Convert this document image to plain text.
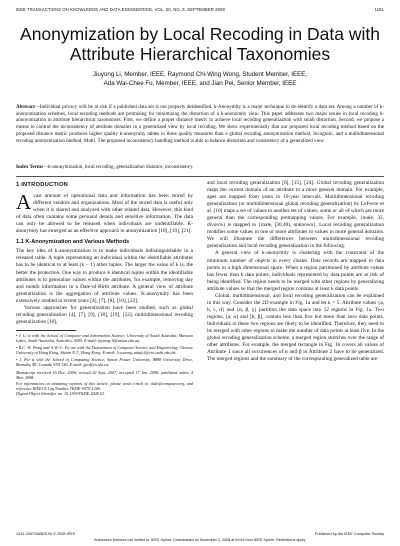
IEEE TRANSACTIONS ON KNOWLEDGE AND DATA ENGINEERING, VOL. 20, NO. 9, SEPTEMBER 2008	1181
Anonymization by Local Recoding in Data with Attribute Hierarchical Taxonomies
Jiuyong Li, Member, IEEE, Raymond Chi-Wing Wong, Student Member, IEEE,
Ada Wai-Chee Fu, Member, IEEE, and Jian Pei, Senior Member, IEEE
Abstract—Individual privacy will be at risk if a published data set is not properly deidentified. k-Anonymity is a major technique to de-identify a data set. Among a number of k-anonymization schemes, local recoding methods are promising for minimizing the distortion of a k-anonymity view. This paper addresses two major issues in local recoding k-anonymization in attribute hierarchical taxonomies. First, we define a proper distance metric to achieve local recoding generalization with small distortion. Second, we propose a means to control the inconsistency of attribute domains in a generalized view by local recoding. We show experimentally that our proposed local recoding method based on the proposed distance metric produces higher quality k-anonymity tables in three quality measures than a global recoding anonymization method, Incognito, and a multidimensional recoding anonymization method, Multi. The proposed inconsistency handling method is able to balance distortion and consistency of a generalized view.
Index Terms—k-anonymization, local recoding, generalization distance, inconsistency.
1 INTRODUCTION

Avast amount of operational data and information has been stored by different vendors and organizations. Most of the stored data is useful only when it is shared and analyzed with other related data. However, this kind of data often contains some personal details and sensitive information. The data can only be allowed to be released when individuals are undentifiable. K-anonymity has emerged as an effective approach in anonymization [18], [19], [21].

1.1 K-Anonymization and Various Methods

The key idea of k-anonymization is to make individuals indistinguishable in a released table. A tuple representing an individual within the identifiable attributes has to be identical to at least (k − 1) other tuples. The larger the value of k is, the better the protection. One way to produce k identical tuples within the identifiable attributes is to generalize values within the attributes, for example, removing day and month information in a Date-of-Birth attribute. A general view of attribute generalization is the aggregation of attribute values. K-anonymity has been extensively studied in recent years [4], [7], [8], [10], [22].

Various approaches for generalization have been studied, such as global recoding generalization [4], [7], [9], [18], [19], [22], multidimensional recoding generalization [10],

• J. Li is with the School of Computer and Information Science, University of South Australia, Mawson Lakes, South Australia, Australia, 5095. E-mail: jiuyong.li@unisa.edu.au.
• R.C.-W. Wong and A.W.-C. Fu are with the Department of Computer Science and Engineering, Chinese University of Hong Kong, Shatin N.T., Hong Kong. E-mail: {cwwong, adafu}@cse.cuhk.edu.hk.
• J. Pei is with the School of Computing Science, Simon Fraser University, 8888 University Drive, Burnaby, BC Canada V5A 1S6. E-mail: jpei@cs.sfu.ca.
Manuscript received 16 Dec. 2006; revised 20 Sept. 2007; accepted 17 Jan. 2008; published online 4 Mar. 2008.
For information on obtaining reprints of this article, please send e-mail to: tkde@computer.org, and reference IEEECS Log Number TKDE-0570-1206.
Digital Object Identifier no. 10.1109/TKDE.2008.52.

and local recoding generalization [6], [15], [24]. Global recoding generalization maps the current domain of an attribute to a more general domain. For example, ages are mapped from years to 10-year intervals. Multidimensional recoding generalization (or multidimensional global recoding generalization) by LeFevre et al. [10] maps a set of values to another set of values, some or all of which are more general than the corresponding premapping values. For example, {male, 32, divorce} is mapped to {male, [30,40), unknown}. Local recoding generalization modifies some values in one or more attributes to values in more general domains. We will illustrate the differences between multidimensional recoding generalization and local recoding generalization in the following.

A general view of k-anonymity is clustering with the constraint of the minimum number of objects in every cluster. Data records are mapped to data points in a high dimensional space. When a region partitioned by attribute values has fewer than k data points, individuals represented by data points are at risk of being identified. The region needs to be merged with other regions by generalizing attribute values so that the merged region contains at least k data points.

Global, multidimensional, and local recoding generalization can be explained in this way. Consider the 2D example in Fig. 1a and let k = 5. Attribute values {a, b, c, d} and {α, β, γ} partition the data space into 12 regions in Fig. 1a. Two regions, [a, α] and [b, β], contain less than five but more than zero data points. Individuals in these two regions are likely to be identified. Therefore, they need to be merged with other regions to make the number of data points at least five. In the global recoding generalization scheme, a merged region stretches over the range of other attributes. For example, the merged rectangle in Fig. 1b covers all values of Attribute 1 since all occurrences of α and β in Attribute 2 have to be generalized. The merged regions and the summary of the corresponding generalized table are

1041-4347/08/$25.00 © 2008 IEEE	Published by the IEEE Computer Society
Authorized licensed use limited to: IEEE Xplore. Downloaded on November 2, 2008 at 00:54 from IEEE Xplore. Restrictions apply.
